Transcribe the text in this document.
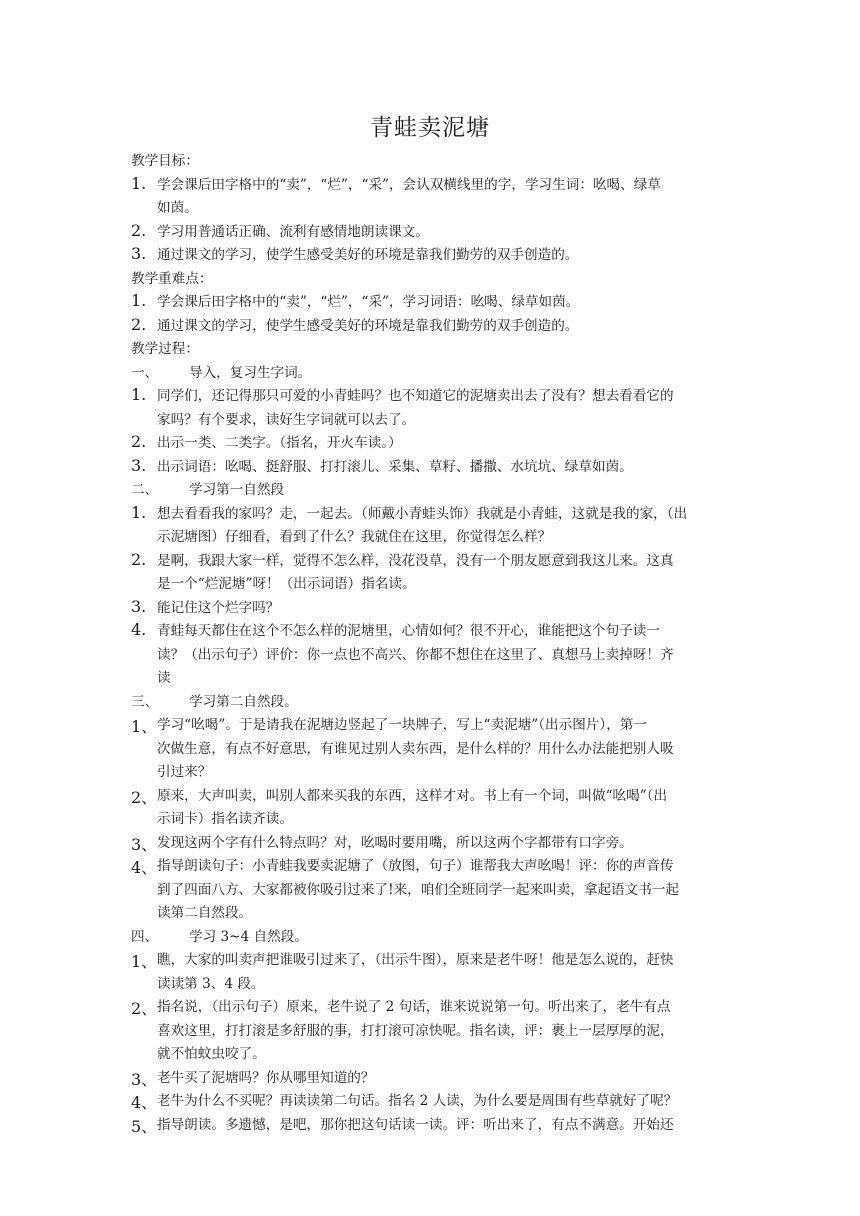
青蛙卖泥塘
教学目标：
1. 学会课后田字格中的“卖”，“烂”，“采”，会认双横线里的字，学习生词：吆喝、绿草
如茵。
2. 学习用普通话正确、流利有感情地朗读课文。
3. 通过课文的学习，使学生感受美好的环境是靠我们勤劳的双手创造的。
教学重难点：
1. 学会课后田字格中的“卖”，“烂”，“采”，学习词语：吆喝、绿草如茵。
2. 通过课文的学习，使学生感受美好的环境是靠我们勤劳的双手创造的。
教学过程：
一、 导入，复习生字词。
1. 同学们，还记得那只可爱的小青蛙吗？也不知道它的泥塘卖出去了没有？想去看看它的
家吗？有个要求，读好生字词就可以去了。
2. 出示一类、二类字。（指名，开火车读。）
3. 出示词语：吆喝、挺舒服、打打滚儿、采集、草籽、播撒、水坑坑、绿草如茵。
二、 学习第一自然段
1. 想去看看我的家吗？走，一起去。（师戴小青蛙头饰）我就是小青蛙，这就是我的家，（出
示泥塘图）仔细看，看到了什么？我就住在这里，你觉得怎么样？
2. 是啊，我跟大家一样，觉得不怎么样，没花没草，没有一个朋友愿意到我这儿来。这真
是一个“烂泥塘”呀！（出示词语）指名读。
3. 能记住这个烂字吗？
4. 青蛙每天都住在这个不怎么样的泥塘里，心情如何？很不开心，谁能把这个句子读一
读？（出示句子）评价：你一点也不高兴、你都不想住在这里了、真想马上卖掉呀！齐
读
三、 学习第二自然段。
1、 学习“吆喝”。于是请我在泥塘边竖起了一块牌子，写上“卖泥塘”（出示图片），第一
次做生意，有点不好意思，有谁见过别人卖东西，是什么样的？用什么办法能把别人吸
引过来？
2、 原来，大声叫卖，叫别人都来买我的东西，这样才对。书上有一个词，叫做“吆喝”（出
示词卡）指名读齐读。
3、 发现这两个字有什么特点吗？对，吆喝时要用嘴，所以这两个字都带有口字旁。
4、 指导朗读句子：小青蛙我要卖泥塘了（放图，句子）谁帮我大声吆喝！评：你的声音传
到了四面八方、大家都被你吸引过来了!来，咱们全班同学一起来叫卖，拿起语文书一起
读第二自然段。
四、 学习 3~4 自然段。
1、 瞧，大家的叫卖声把谁吸引过来了，（出示牛图），原来是老牛呀！他是怎么说的，赶快
读读第 3、4 段。
2、 指名说，（出示句子）原来，老牛说了 2 句话，谁来说说第一句。听出来了，老牛有点
喜欢这里，打打滚是多舒服的事，打打滚可凉快呢。指名读，评：裹上一层厚厚的泥，
就不怕蚊虫咬了。
3、 老牛买了泥塘吗？你从哪里知道的？
4、 老牛为什么不买呢？再读读第二句话。指名 2 人读，为什么要是周围有些草就好了呢？
5、 指导朗读。多遗憾，是吧，那你把这句话读一读。评：听出来了，有点不满意。开始还
